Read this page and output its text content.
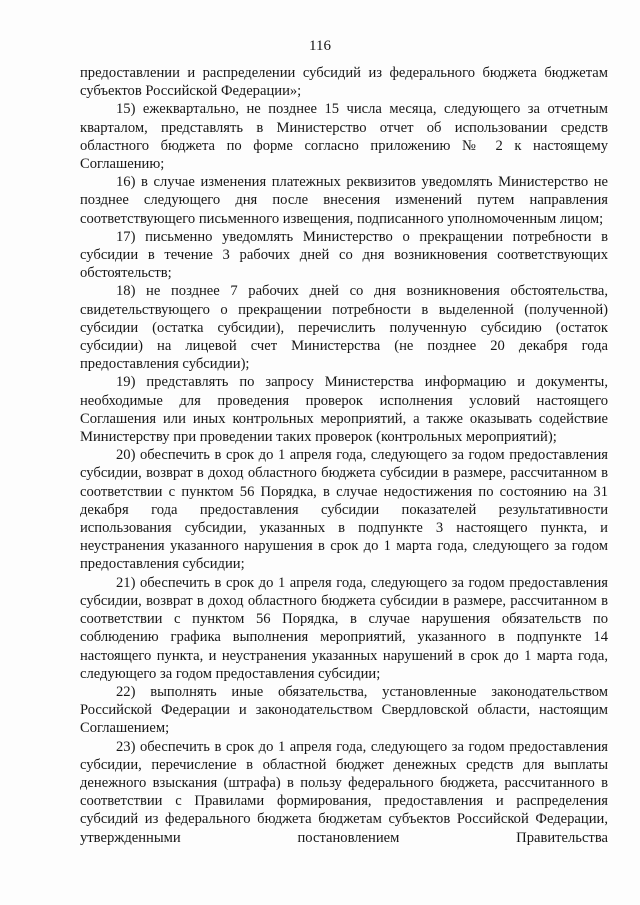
116

предоставлении и распределении субсидий из федерального бюджета бюджетам субъектов Российской Федерации»;

15) ежеквартально, не позднее 15 числа месяца, следующего за отчетным кварталом, представлять в Министерство отчет об использовании средств областного бюджета по форме согласно приложению № 2 к настоящему Соглашению;

16) в случае изменения платежных реквизитов уведомлять Министерство не позднее следующего дня после внесения изменений путем направления соответствующего письменного извещения, подписанного уполномоченным лицом;

17) письменно уведомлять Министерство о прекращении потребности в субсидии в течение 3 рабочих дней со дня возникновения соответствующих обстоятельств;

18) не позднее 7 рабочих дней со дня возникновения обстоятельства, свидетельствующего о прекращении потребности в выделенной (полученной) субсидии (остатка субсидии), перечислить полученную субсидию (остаток субсидии) на лицевой счет Министерства (не позднее 20 декабря года предоставления субсидии);

19) представлять по запросу Министерства информацию и документы, необходимые для проведения проверок исполнения условий настоящего Соглашения или иных контрольных мероприятий, а также оказывать содействие Министерству при проведении таких проверок (контрольных мероприятий);

20) обеспечить в срок до 1 апреля года, следующего за годом предоставления субсидии, возврат в доход областного бюджета субсидии в размере, рассчитанном в соответствии с пунктом 56 Порядка, в случае недостижения по состоянию на 31 декабря года предоставления субсидии показателей результативности использования субсидии, указанных в подпункте 3 настоящего пункта, и неустранения указанного нарушения в срок до 1 марта года, следующего за годом предоставления субсидии;

21) обеспечить в срок до 1 апреля года, следующего за годом предоставления субсидии, возврат в доход областного бюджета субсидии в размере, рассчитанном в соответствии с пунктом 56 Порядка, в случае нарушения обязательств по соблюдению графика выполнения мероприятий, указанного в подпункте 14 настоящего пункта, и неустранения указанных нарушений в срок до 1 марта года, следующего за годом предоставления субсидии;

22) выполнять иные обязательства, установленные законодательством Российской Федерации и законодательством Свердловской области, настоящим Соглашением;

23) обеспечить в срок до 1 апреля года, следующего за годом предоставления субсидии, перечисление в областной бюджет денежных средств для выплаты денежного взыскания (штрафа) в пользу федерального бюджета, рассчитанного в соответствии с Правилами формирования, предоставления и распределения субсидий из федерального бюджета бюджетам субъектов Российской Федерации, утвержденными постановлением Правительства
